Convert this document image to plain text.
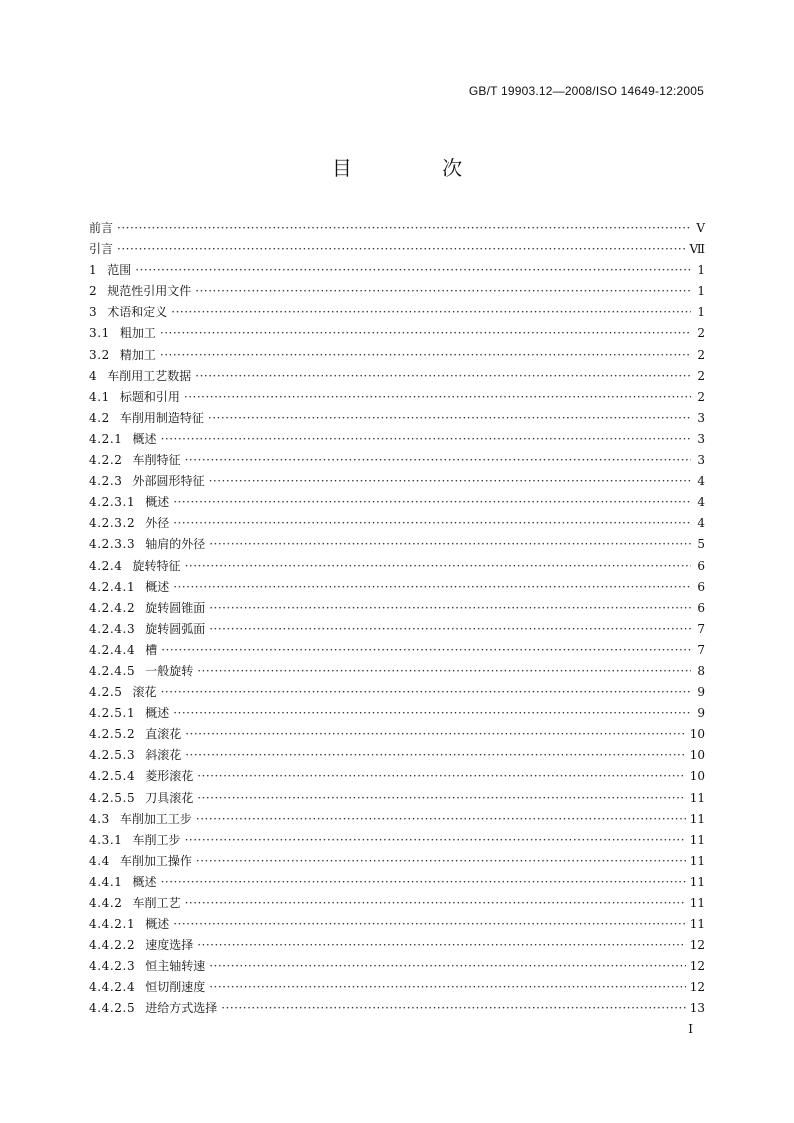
GB/T 19903.12—2008/ISO 14649-12:2005
目 次
前言 ·····	Ⅴ
引言 ·····	Ⅶ
1 范围 ·····	1
2 规范性引用文件 ·····	1
3 术语和定义 ·····	1
3.1 粗加工 ·····	2
3.2 精加工 ·····	2
4 车削用工艺数据 ·····	2
4.1 标题和引用 ·····	2
4.2 车削用制造特征 ·····	3
4.2.1 概述 ·····	3
4.2.2 车削特征 ·····	3
4.2.3 外部圆形特征 ·····	4
4.2.3.1 概述 ·····	4
4.2.3.2 外径 ·····	4
4.2.3.3 轴肩的外径 ·····	5
4.2.4 旋转特征 ·····	6
4.2.4.1 概述 ·····	6
4.2.4.2 旋转圆锥面 ·····	6
4.2.4.3 旋转圆弧面 ·····	7
4.2.4.4 槽 ·····	7
4.2.4.5 一般旋转 ·····	8
4.2.5 滚花 ·····	9
4.2.5.1 概述 ·····	9
4.2.5.2 直滚花 ·····	10
4.2.5.3 斜滚花 ·····	10
4.2.5.4 菱形滚花 ·····	10
4.2.5.5 刀具滚花 ·····	11
4.3 车削加工工步 ·····	11
4.3.1 车削工步 ·····	11
4.4 车削加工操作 ·····	11
4.4.1 概述 ·····	11
4.4.2 车削工艺 ·····	11
4.4.2.1 概述 ·····	11
4.4.2.2 速度选择 ·····	12
4.4.2.3 恒主轴转速 ·····	12
4.4.2.4 恒切削速度 ·····	12
4.4.2.5 进给方式选择 ·····	13
I
